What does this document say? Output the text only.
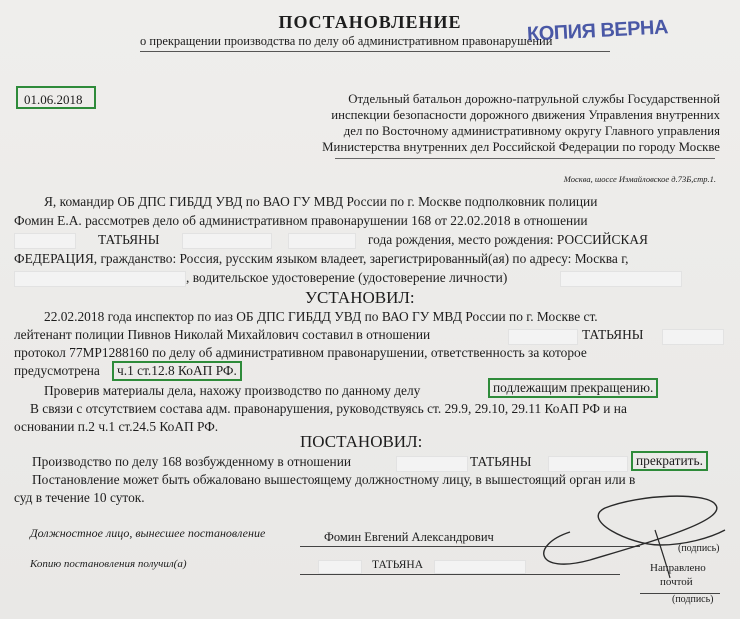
ПОСТАНОВЛЕНИЕ
о прекращении производства по делу об административном правонарушении
КОПИЯ ВЕРНА
01.06.2018	Отдельный батальон дорожно-патрульной службы Государственной
инспекции безопасности дорожного движения Управления внутренних
дел по Восточному административному округу Главного управления
Министерства внутренних дел Российской Федерации по городу Москве
Москва, шоссе Измайловское д.73Б,стр.1.
Я, командир ОБ ДПС ГИБДД УВД по ВАО ГУ МВД России по г. Москве подполковник полиции
Фомин Е.А. рассмотрев дело об административном правонарушении 168 от 22.02.2018 в отношении
ТАТЬЯНЫ	года рождения, место рождения: РОССИЙСКАЯ
ФЕДЕРАЦИЯ, гражданство: Россия, русским языком владеет, зарегистрированный(ая) по адресу: Москва г,
, водительское удостоверение (удостоверение личности)
УСТАНОВИЛ:
22.02.2018 года инспектор по иаз ОБ ДПС ГИБДД УВД по ВАО ГУ МВД России по г. Москве ст.
лейтенант полиции Пивнов Николай Михайлович составил в отношении	ТАТЬЯНЫ
протокол 77МР1288160 по делу об административном правонарушении, ответственность за которое
предусмотрена	ч.1 ст.12.8 КоАП РФ.
Проверив материалы дела, нахожу производство по данному делу	подлежащим прекращению.
В связи с отсутствием состава адм. правонарушения, руководствуясь ст. 29.9, 29.10, 29.11 КоАП РФ и на
основании п.2 ч.1 ст.24.5 КоАП РФ.
ПОСТАНОВИЛ:
Производство по делу 168 возбужденному в отношении	ТАТЬЯНЫ	прекратить.
Постановление может быть обжаловано вышестоящему должностному лицу, в вышестоящий орган или в
суд в течение 10 суток.
Должностное лицо, вынесшее постановление	Фомин Евгений Александрович
Копию постановления получил(а)	ТАТЬЯНА
(подпись)
Направлено
почтой
(подпись)
